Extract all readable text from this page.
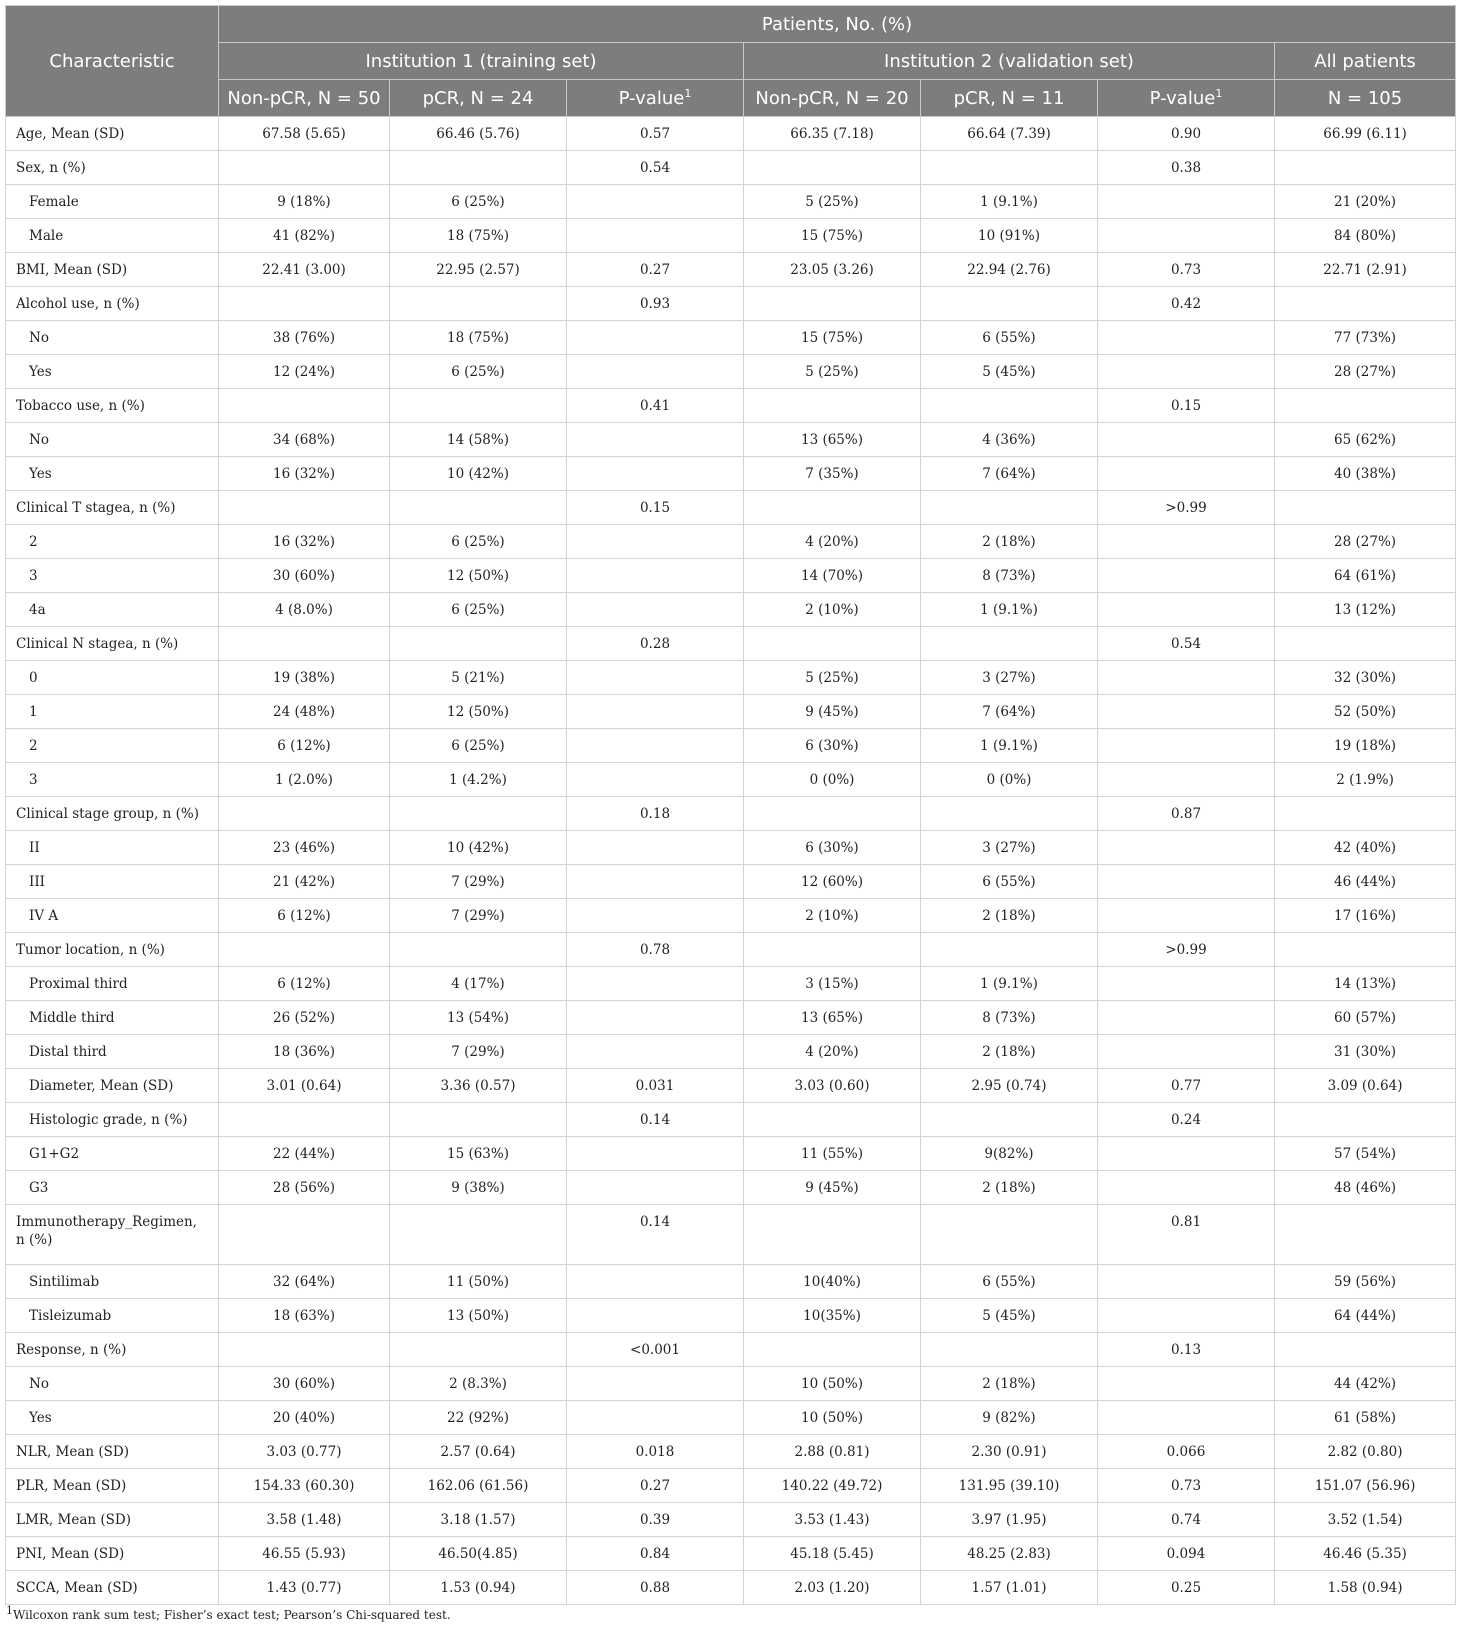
Characteristic	Patients, No. (%)						
	Institution 1 (training set)			Institution 2 (validation set)			All patients
	Non-pCR, N = 50	pCR, N = 24	P-value$^1$	Non-pCR, N = 20	pCR, N = 11	P-value$^1$	N = 105
Age, Mean (SD)	67.58 (5.65)	66.46 (5.76)	0.57	66.35 (7.18)	66.64 (7.39)	0.90	66.99 (6.11)
Sex, n (%)			0.54			0.38	
Female	9 (18%)	6 (25%)		5 (25%)	1 (9.1%)		21 (20%)
Male	41 (82%)	18 (75%)		15 (75%)	10 (91%)		84 (80%)
BMI, Mean (SD)	22.41 (3.00)	22.95 (2.57)	0.27	23.05 (3.26)	22.94 (2.76)	0.73	22.71 (2.91)
Alcohol use, n (%)			0.93			0.42	
No	38 (76%)	18 (75%)		15 (75%)	6 (55%)		77 (73%)
Yes	12 (24%)	6 (25%)		5 (25%)	5 (45%)		28 (27%)
Tobacco use, n (%)			0.41			0.15	
No	34 (68%)	14 (58%)		13 (65%)	4 (36%)		65 (62%)
Yes	16 (32%)	10 (42%)		7 (35%)	7 (64%)		40 (38%)
Clinical T stagea, n (%)			0.15			>0.99	
2	16 (32%)	6 (25%)		4 (20%)	2 (18%)		28 (27%)
3	30 (60%)	12 (50%)		14 (70%)	8 (73%)		64 (61%)
4a	4 (8.0%)	6 (25%)		2 (10%)	1 (9.1%)		13 (12%)
Clinical N stagea, n (%)			0.28			0.54	
0	19 (38%)	5 (21%)		5 (25%)	3 (27%)		32 (30%)
1	24 (48%)	12 (50%)		9 (45%)	7 (64%)		52 (50%)
2	6 (12%)	6 (25%)		6 (30%)	1 (9.1%)		19 (18%)
3	1 (2.0%)	1 (4.2%)		0 (0%)	0 (0%)		2 (1.9%)
Clinical stage group, n (%)			0.18			0.87	
II	23 (46%)	10 (42%)		6 (30%)	3 (27%)		42 (40%)
III	21 (42%)	7 (29%)		12 (60%)	6 (55%)		46 (44%)
IV A	6 (12%)	7 (29%)		2 (10%)	2 (18%)		17 (16%)
Tumor location, n (%)			0.78			>0.99	
Proximal third	6 (12%)	4 (17%)		3 (15%)	1 (9.1%)		14 (13%)
Middle third	26 (52%)	13 (54%)		13 (65%)	8 (73%)		60 (57%)
Distal third	18 (36%)	7 (29%)		4 (20%)	2 (18%)		31 (30%)
Diameter, Mean (SD)	3.01 (0.64)	3.36 (0.57)	0.031	3.03 (0.60)	2.95 (0.74)	0.77	3.09 (0.64)
Histologic grade, n (%)			0.14			0.24	
G1+G2	22 (44%)	15 (63%)		11 (55%)	9(82%)		57 (54%)
G3	28 (56%)	9 (38%)		9 (45%)	2 (18%)		48 (46%)
Immunotherapy_Regimen, n (%)			0.14			0.81	
Sintilimab	32 (64%)	11 (50%)		10(40%)	6 (55%)		59 (56%)
Tisleizumab	18 (63%)	13 (50%)		10(35%)	5 (45%)		64 (44%)
Response, n (%)			<0.001			0.13	
No	30 (60%)	2 (8.3%)		10 (50%)	2 (18%)		44 (42%)
Yes	20 (40%)	22 (92%)		10 (50%)	9 (82%)		61 (58%)
NLR, Mean (SD)	3.03 (0.77)	2.57 (0.64)	0.018	2.88 (0.81)	2.30 (0.91)	0.066	2.82 (0.80)
PLR, Mean (SD)	154.33 (60.30)	162.06 (61.56)	0.27	140.22 (49.72)	131.95 (39.10)	0.73	151.07 (56.96)
LMR, Mean (SD)	3.58 (1.48)	3.18 (1.57)	0.39	3.53 (1.43)	3.97 (1.95)	0.74	3.52 (1.54)
PNI, Mean (SD)	46.55 (5.93)	46.50(4.85)	0.84	45.18 (5.45)	48.25 (2.83)	0.094	46.46 (5.35)
SCCA, Mean (SD)	1.43 (0.77)	1.53 (0.94)	0.88	2.03 (1.20)	1.57 (1.01)	0.25	1.58 (0.94)
$^1$Wilcoxon rank sum test; Fisher’s exact test; Pearson’s Chi-squared test.
